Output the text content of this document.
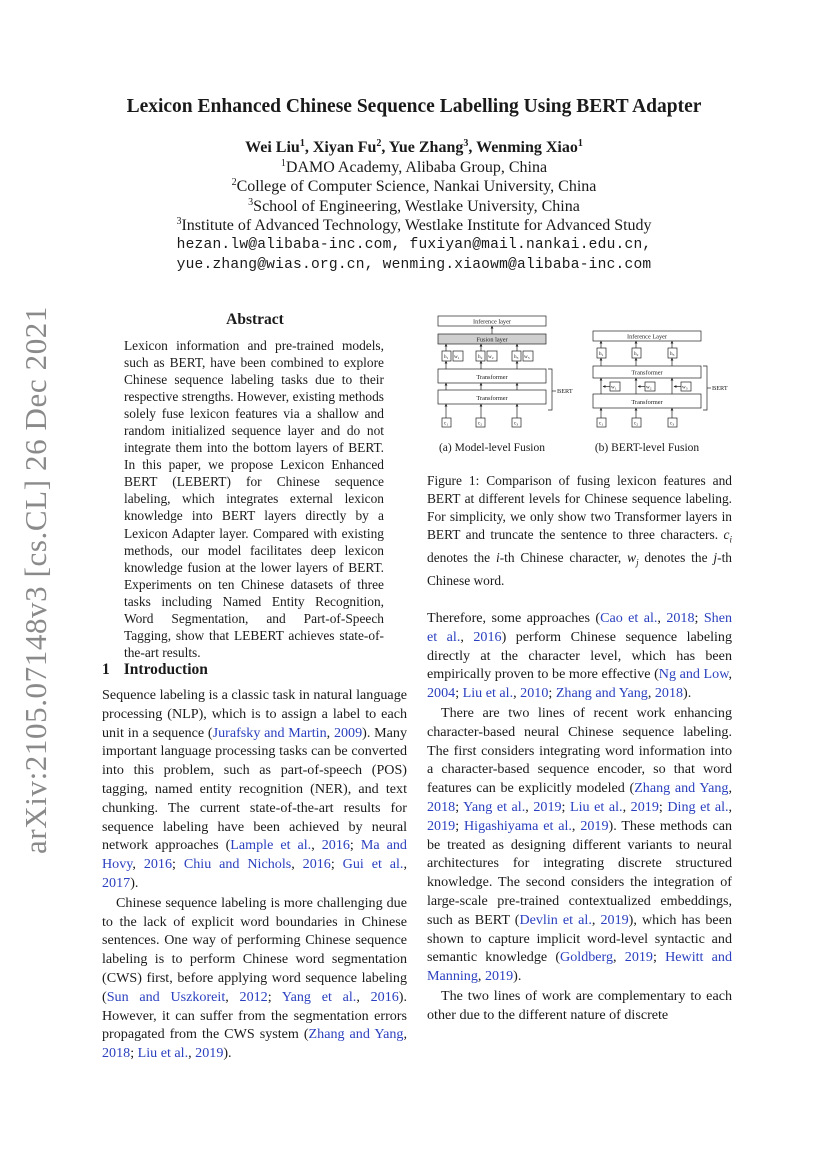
Lexicon Enhanced Chinese Sequence Labelling Using BERT Adapter
Wei Liu$^1$, Xiyan Fu$^2$, Yue Zhang$^3$, Wenming Xiao$^1$
$^1$DAMO Academy, Alibaba Group, China
$^2$College of Computer Science, Nankai University, China
$^3$School of Engineering, Westlake University, China
$^3$Institute of Advanced Technology, Westlake Institute for Advanced Study
hezan.lw@alibaba-inc.com, fuxiyan@mail.nankai.edu.cn,
yue.zhang@wias.org.cn, wenming.xiaowm@alibaba-inc.com
arXiv:2105.07148v3 [cs.CL] 26 Dec 2021	Abstract
Lexicon information and pre-trained models, such as BERT, have been combined to explore Chinese sequence labeling tasks due to their respective strengths. However, existing methods solely fuse lexicon features via a shallow and random initialized sequence layer and do not integrate them into the bottom layers of BERT. In this paper, we propose Lexicon Enhanced BERT (LEBERT) for Chinese sequence labeling, which integrates external lexicon knowledge into BERT layers directly by a Lexicon Adapter layer. Compared with existing methods, our model facilitates deep lexicon knowledge fusion at the lower layers of BERT. Experiments on ten Chinese datasets of three tasks including Named Entity Recognition, Word Segmentation, and Part-of-Speech Tagging, show that LEBERT achieves state-of-the-art results.
1 Introduction

Sequence labeling is a classic task in natural language processing (NLP), which is to assign a label to each unit in a sequence (Jurafsky and Martin, 2009). Many important language processing tasks can be converted into this problem, such as part-of-speech (POS) tagging, named entity recognition (NER), and text chunking. The current state-of-the-art results for sequence labeling have been achieved by neural network approaches (Lample et al., 2016; Ma and Hovy, 2016; Chiu and Nichols, 2016; Gui et al., 2017).

Chinese sequence labeling is more challenging due to the lack of explicit word boundaries in Chinese sentences. One way of performing Chinese sequence labeling is to perform Chinese word segmentation (CWS) first, before applying word sequence labeling (Sun and Uszkoreit, 2012; Yang et al., 2016). However, it can suffer from the segmentation errors propagated from the CWS system (Zhang and Yang, 2018; Liu et al., 2019).

Inference layer
Fusion layer
Transformer
Transformer
BERT
h1 w1	h2 w2	h3 w3
c1	c2	c3
(a) Model-level Fusion
Inference Layer
Transformer
Transformer
BERT
h1	h2	h3
w1	w2	w3
c1	c2	c3
(b) BERT-level Fusion
Figure 1: Comparison of fusing lexicon features and BERT at different levels for Chinese sequence labeling. For simplicity, we only show two Transformer layers in BERT and truncate the sentence to three characters. $c_i$ denotes the i-th Chinese character, $w_j$ denotes the j-th Chinese word.

Therefore, some approaches (Cao et al., 2018; Shen et al., 2016) perform Chinese sequence labeling directly at the character level, which has been empirically proven to be more effective (Ng and Low, 2004; Liu et al., 2010; Zhang and Yang, 2018).

There are two lines of recent work enhancing character-based neural Chinese sequence labeling. The first considers integrating word information into a character-based sequence encoder, so that word features can be explicitly modeled (Zhang and Yang, 2018; Yang et al., 2019; Liu et al., 2019; Ding et al., 2019; Higashiyama et al., 2019). These methods can be treated as designing different variants to neural architectures for integrating discrete structured knowledge. The second considers the integration of large-scale pre-trained contextualized embeddings, such as BERT (Devlin et al., 2019), which has been shown to capture implicit word-level syntactic and semantic knowledge (Goldberg, 2019; Hewitt and Manning, 2019).

The two lines of work are complementary to each other due to the different nature of discrete
